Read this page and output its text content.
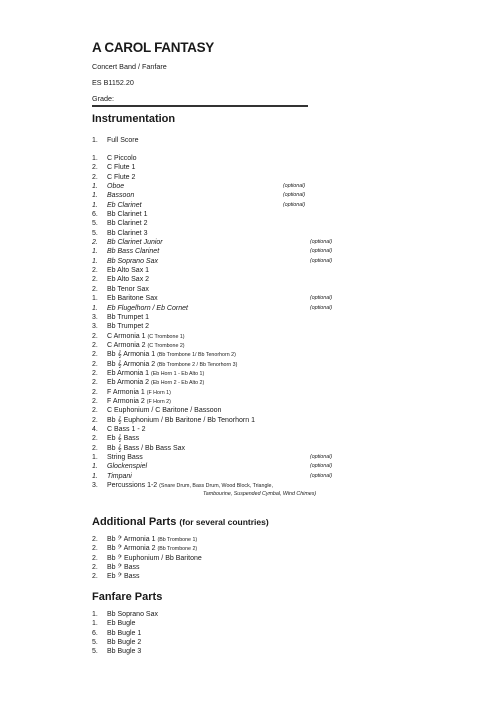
A CAROL FANTASY
Concert Band / Fanfare
ES B1152.20
Grade:
Instrumentation
1.	Full Score
1.	C Piccolo
2.	C Flute 1
2.	C Flute 2
1.	Oboe	(optional)
1.	Bassoon	(optional)
1.	Eb Clarinet	(optional)
6.	Bb Clarinet 1
5.	Bb Clarinet 2
5.	Bb Clarinet 3
2.	Bb Clarinet Junior	(optional)
1.	Bb Bass Clarinet	(optional)
1.	Bb Soprano Sax	(optional)
2.	Eb Alto Sax 1
2.	Eb Alto Sax 2
2.	Bb Tenor Sax
1.	Eb Baritone Sax	(optional)
1.	Eb Flugelhorn / Eb Cornet	(optional)
3.	Bb Trumpet 1
3.	Bb Trumpet 2
2.	C Armonia 1 (C Trombone 1)
2.	C Armonia 2 (C Trombone 2)
2.	Bb 𝄞 Armonia 1 (Bb Trombone 1/ Bb Tenorhorn 2)
2.	Bb 𝄞 Armonia 2 (Bb Trombone 2 / Bb Tenorhorn 3)
2.	Eb Armonia 1 (Eb Horn 1 - Eb Alto 1)
2.	Eb Armonia 2 (Eb Horn 2 - Eb Alto 2)
2.	F Armonia 1 (F Horn 1)
2.	F Armonia 2 (F Horn 2)
2.	C Euphonium / C Baritone / Bassoon
2.	Bb 𝄞 Euphonium / Bb Baritone / Bb Tenorhorn 1
4.	C Bass 1 - 2
2.	Eb 𝄞 Bass
2.	Bb 𝄞 Bass / Bb Bass Sax
1.	String Bass	(optional)
1.	Glockenspiel	(optional)
1.	Timpani	(optional)
3.	Percussions 1-2 (Snare Drum, Bass Drum, Wood Block, Triangle,
Tambourine, Suspended Cymbal, Wind Chimes)
Additional Parts (for several countries)
2.	Bb 𝄢 Armonia 1 (Bb Trombone 1)
2.	Bb 𝄢 Armonia 2 (Bb Trombone 2)
2.	Bb 𝄢 Euphonium / Bb Baritone
2.	Bb 𝄢 Bass
2.	Eb 𝄢 Bass
Fanfare Parts
1.	Bb Soprano Sax
1.	Eb Bugle
6.	Bb Bugle 1
5.	Bb Bugle 2
5.	Bb Bugle 3
